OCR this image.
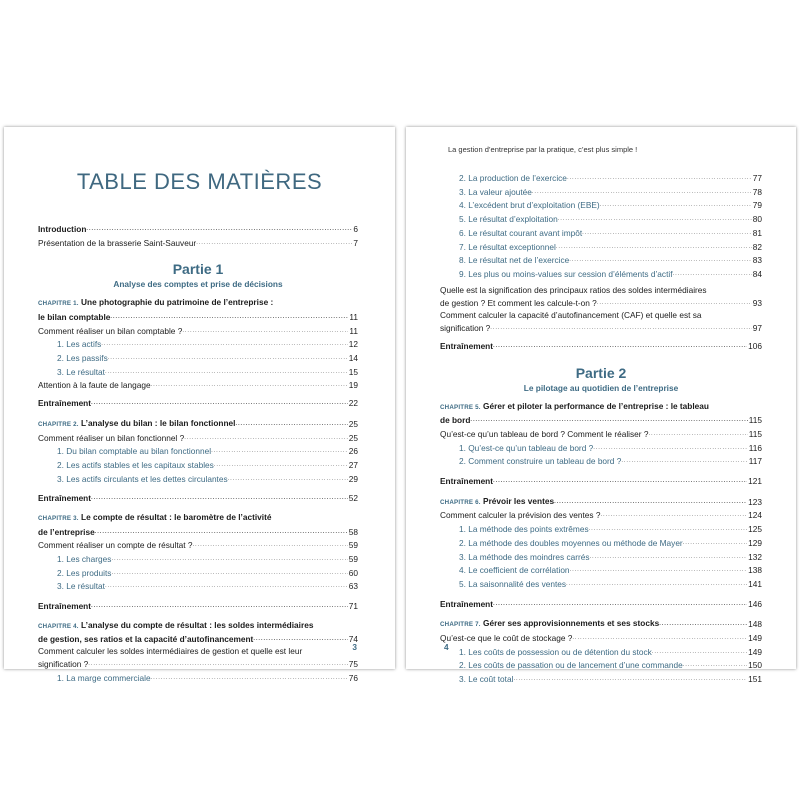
TABLE DES MATIÈRES
Introduction . . .	6
Présentation de la brasserie Saint-Sauveur . . .	7
Partie 1
Analyse des comptes et prise de décisions
CHAPITRE 1. Une photographie du patrimoine de l’entreprise :
le bilan comptable . . .	11
Comment réaliser un bilan comptable ? . . .	11
1. Les actifs . . .	12
2. Les passifs . . .	14
3. Le résultat . . .	15
Attention à la faute de langage . . .	19
Entraînement . . .	22
CHAPITRE 2. L’analyse du bilan : le bilan fonctionnel . . .	25
Comment réaliser un bilan fonctionnel ? . . .	25
1. Du bilan comptable au bilan fonctionnel . . .	26
2. Les actifs stables et les capitaux stables . . .	27
3. Les actifs circulants et les dettes circulantes . . .	29
Entraînement . . .	52
CHAPITRE 3. Le compte de résultat : le baromètre de l’activité
de l’entreprise . . .	58
Comment réaliser un compte de résultat ? . . .	59
1. Les charges . . .	59
2. Les produits . . .	60
3. Le résultat . . .	63
Entraînement . . .	71
CHAPITRE 4. L’analyse du compte de résultat : les soldes intermédiaires
de gestion, ses ratios et la capacité d’autofinancement . . .	74
Comment calculer les soldes intermédiaires de gestion et quelle est leur
signification ? . . .	75
1. La marge commerciale . . .	76
3
La gestion d’entreprise par la pratique, c’est plus simple !
2. La production de l’exercice . . .	77
3. La valeur ajoutée . . .	78
4. L’excédent brut d’exploitation (EBE) . . .	79
5. Le résultat d’exploitation . . .	80
6. Le résultat courant avant impôt . . .	81
7. Le résultat exceptionnel . . .	82
8. Le résultat net de l’exercice . . .	83
9. Les plus ou moins-values sur cession d’éléments d’actif . . .	84
Quelle est la signification des principaux ratios des soldes intermédiaires
de gestion ? Et comment les calcule-t-on ? . . .	93
Comment calculer la capacité d’autofinancement (CAF) et quelle est sa
signification ? . . .	97
Entraînement . . .	106
Partie 2
Le pilotage au quotidien de l’entreprise
CHAPITRE 5. Gérer et piloter la performance de l’entreprise : le tableau
de bord . . .	115
Qu’est-ce qu’un tableau de bord ? Comment le réaliser ? . . .	115
1. Qu’est-ce qu’un tableau de bord ? . . .	116
2. Comment construire un tableau de bord ? . . .	117
Entraînement . . .	121
CHAPITRE 6. Prévoir les ventes . . .	123
Comment calculer la prévision des ventes ? . . .	124
1. La méthode des points extrêmes . . .	125
2. La méthode des doubles moyennes ou méthode de Mayer . . .	129
3. La méthode des moindres carrés . . .	132
4. Le coefficient de corrélation . . .	138
5. La saisonnalité des ventes . . .	141
Entraînement . . .	146
CHAPITRE 7. Gérer ses approvisionnements et ses stocks . . .	148
Qu’est-ce que le coût de stockage ? . . .	149
1. Les coûts de possession ou de détention du stock . . .	149
2. Les coûts de passation ou de lancement d’une commande . . .	150
3. Le coût total . . .	151
4
